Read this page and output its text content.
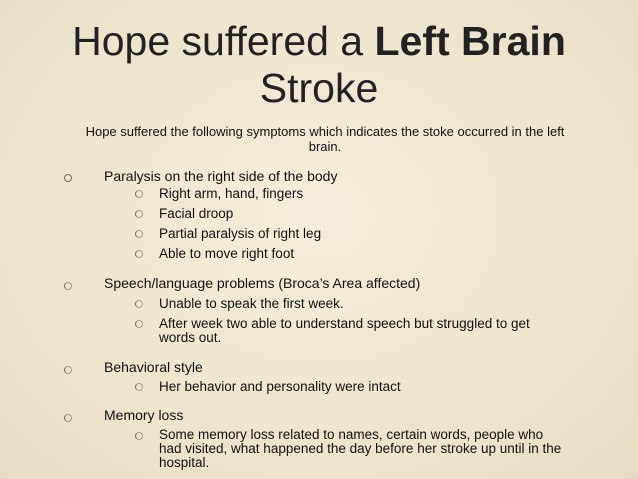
Hope suffered a Left Brain
Stroke
Hope suffered the following symptoms which indicates the stoke occurred in the left brain.
Paralysis on the right side of the body
Right arm, hand, fingers
Facial droop
Partial paralysis of right leg
Able to move right foot
Speech/language problems (Broca’s Area affected)
Unable to speak the first week.
After week two able to understand speech but struggled to get words out.
Behavioral style
Her behavior and personality were intact
Memory loss
Some memory loss related to names, certain words, people who had visited, what happened the day before her stroke up until in the hospital.
